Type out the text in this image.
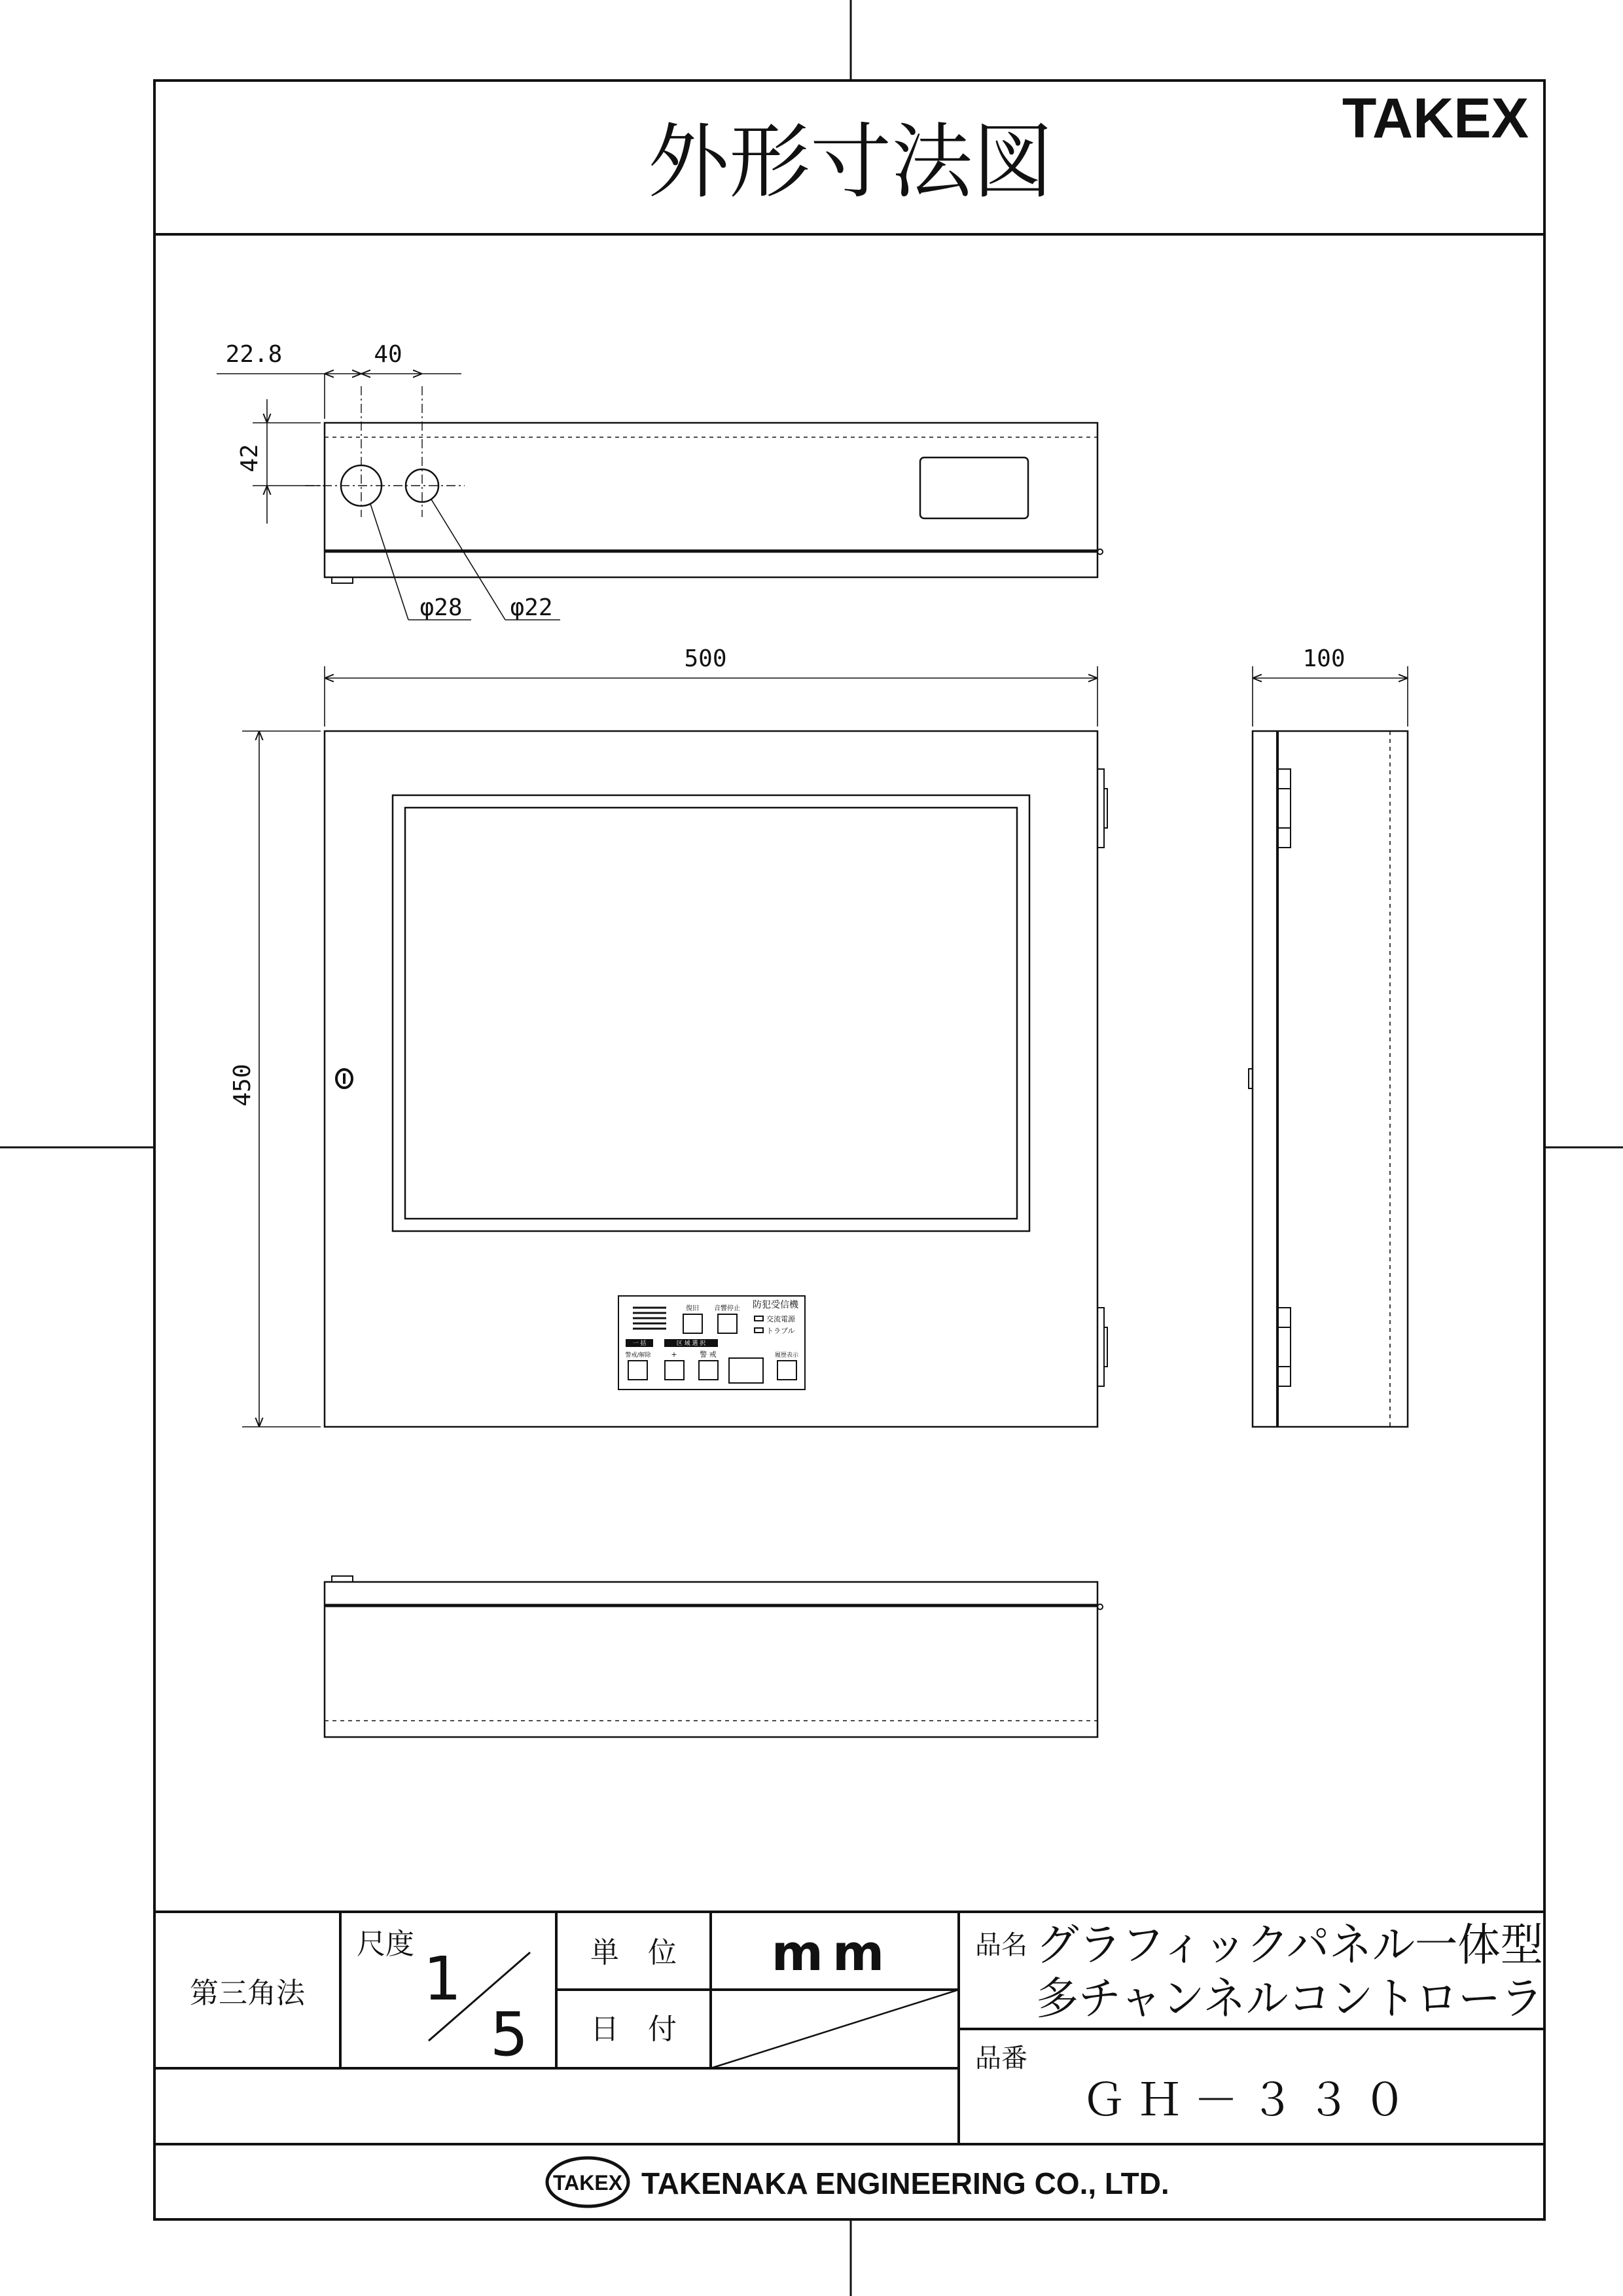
外形寸法図	TAKEX
22.8	40
42
φ28 φ22
復旧 音響停止 防犯受信機
交流電源
トラブル
一 括	区 域 選 択
警戒/解除	+	警 戒	履歴表示
500
450
100
第三角法
尺度 1
5
単　位 mm
日　付
品名 グラフィックパネル一体型
多チャンネルコントローラ
品番
ＧＨ－３３０
TAKEX TAKENAKA ENGINEERING CO., LTD.
